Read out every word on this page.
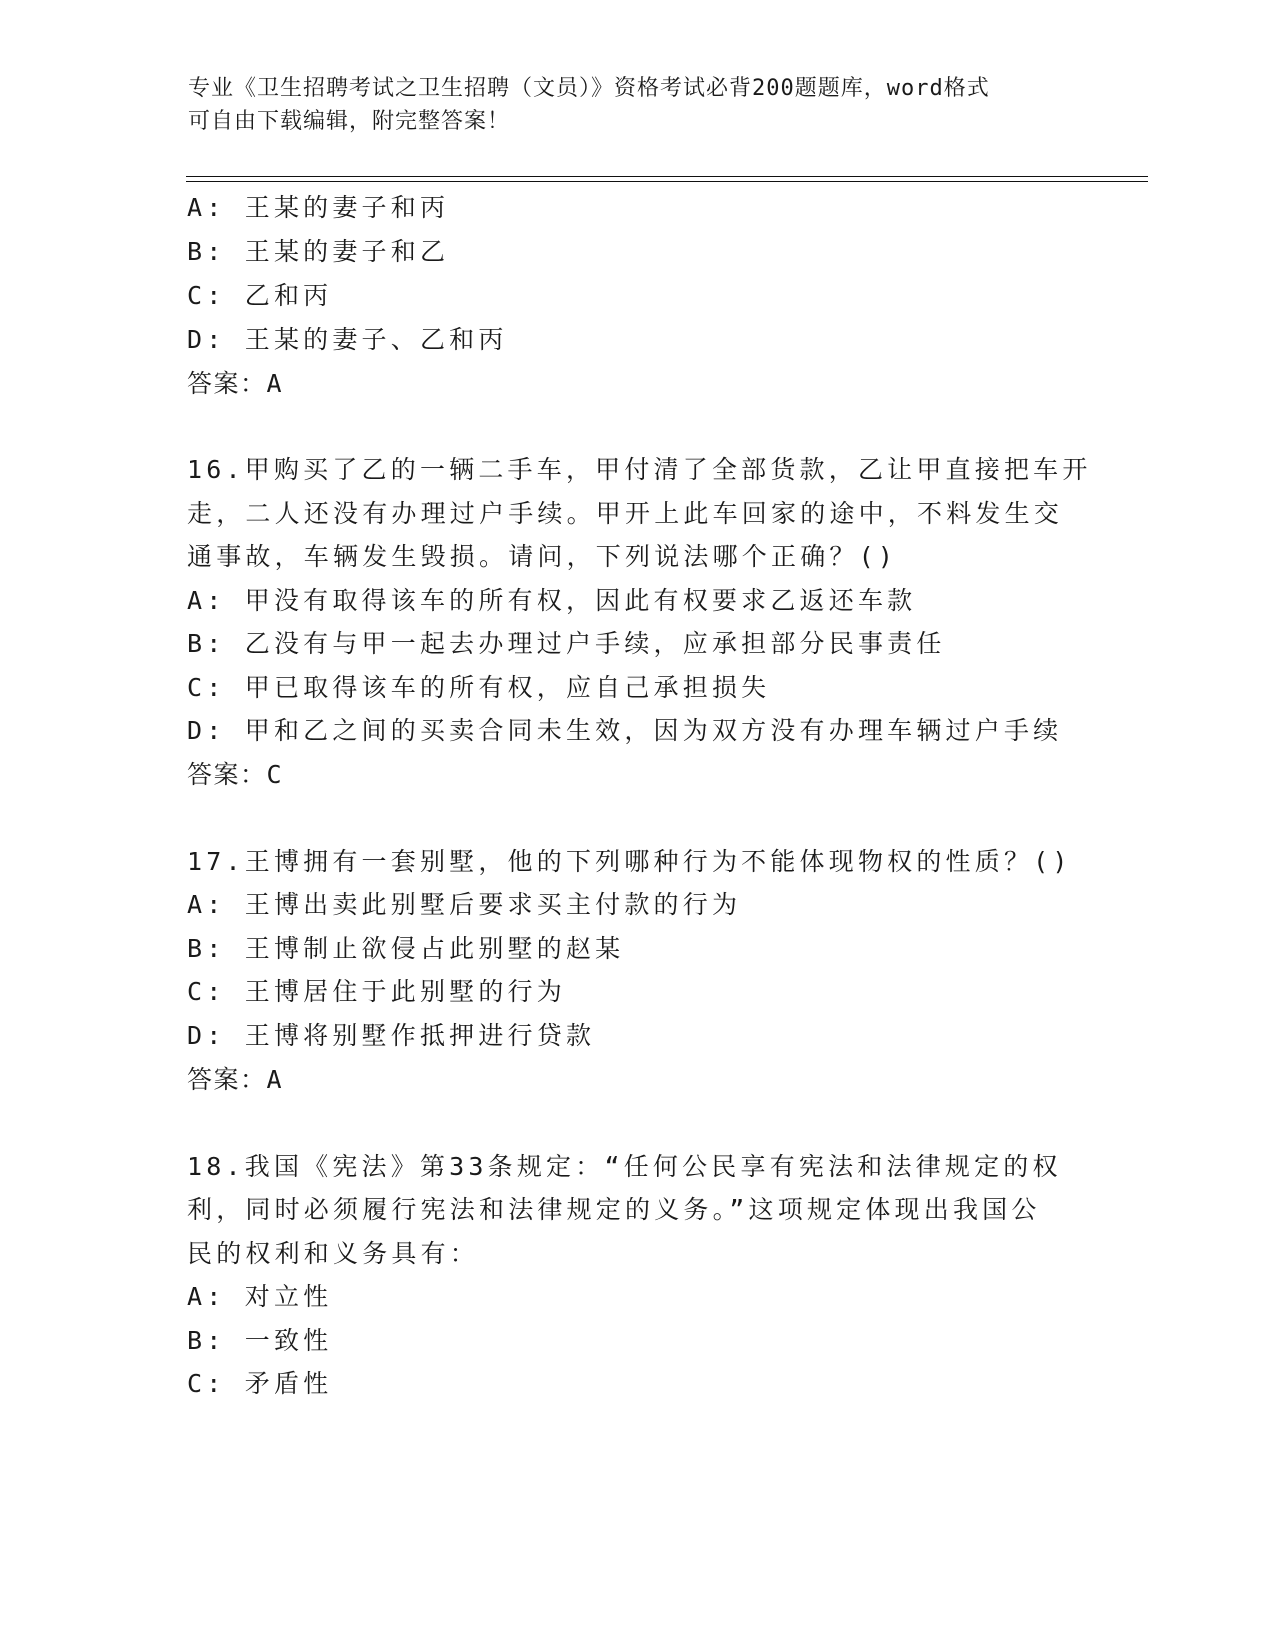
专业《卫生招聘考试之卫生招聘（文员）》资格考试必背200题题库，word格式
可自由下载编辑，附完整答案！
A: 王某的妻子和丙
B: 王某的妻子和乙
C: 乙和丙
D: 王某的妻子、乙和丙
答案：A
16.甲购买了乙的一辆二手车，甲付清了全部货款，乙让甲直接把车开
走，二人还没有办理过户手续。甲开上此车回家的途中，不料发生交
通事故，车辆发生毁损。请问，下列说法哪个正确？()
A: 甲没有取得该车的所有权，因此有权要求乙返还车款
B: 乙没有与甲一起去办理过户手续，应承担部分民事责任
C: 甲已取得该车的所有权，应自己承担损失
D: 甲和乙之间的买卖合同未生效，因为双方没有办理车辆过户手续
答案：C
17.王博拥有一套别墅，他的下列哪种行为不能体现物权的性质？()
A: 王博出卖此别墅后要求买主付款的行为
B: 王博制止欲侵占此别墅的赵某
C: 王博居住于此别墅的行为
D: 王博将别墅作抵押进行贷款
答案：A
18.我国《宪法》第33条规定：“任何公民享有宪法和法律规定的权
利，同时必须履行宪法和法律规定的义务。”这项规定体现出我国公
民的权利和义务具有：
A: 对立性
B: 一致性
C: 矛盾性
